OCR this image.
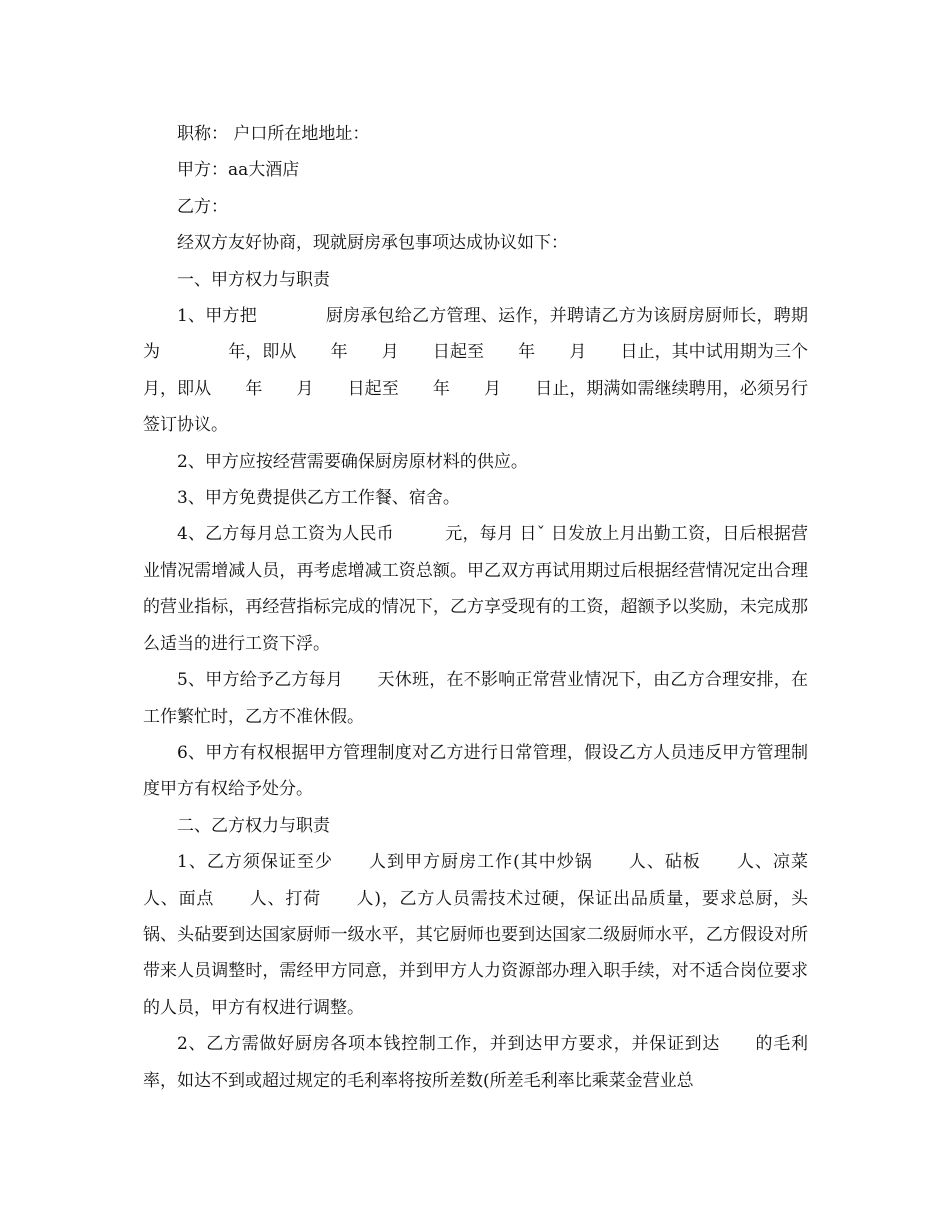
职称： 户口所在地地址：

甲方：aa大酒店

乙方：

经双方友好协商，现就厨房承包事项达成协议如下：

一、甲方权力与职责

1、甲方把　　　　厨房承包给乙方管理、运作，并聘请乙方为该厨房厨师长，聘期为　　　　年，即从　　年　　月　　日起至　　年　　月　　日止，其中试用期为三个月，即从　　年　　月　　日起至　　年　　月　　日止，期满如需继续聘用，必须另行签订协议。

2、甲方应按经营需要确保厨房原材料的供应。

3、甲方免费提供乙方工作餐、宿舍。

4、乙方每月总工资为人民币　　　元，每月 日ˇ 日发放上月出勤工资，日后根据营业情况需增减人员，再考虑增减工资总额。甲乙双方再试用期过后根据经营情况定出合理的营业指标，再经营指标完成的情况下，乙方享受现有的工资，超额予以奖励，未完成那么适当的进行工资下浮。

5、甲方给予乙方每月　　天休班，在不影响正常营业情况下，由乙方合理安排，在工作繁忙时，乙方不准休假。

6、甲方有权根据甲方管理制度对乙方进行日常管理，假设乙方人员违反甲方管理制度甲方有权给予处分。

二、乙方权力与职责

1、乙方须保证至少　　人到甲方厨房工作(其中炒锅　　人、砧板　　人、凉菜　　人、面点　　人、打荷　　人)，乙方人员需技术过硬，保证出品质量，要求总厨，头锅、头砧要到达国家厨师一级水平，其它厨师也要到达国家二级厨师水平，乙方假设对所带来人员调整时，需经甲方同意，并到甲方人力资源部办理入职手续，对不适合岗位要求的人员，甲方有权进行调整。

2、乙方需做好厨房各项本钱控制工作，并到达甲方要求，并保证到达　　的毛利率，如达不到或超过规定的毛利率将按所差数(所差毛利率比乘菜金营业总
